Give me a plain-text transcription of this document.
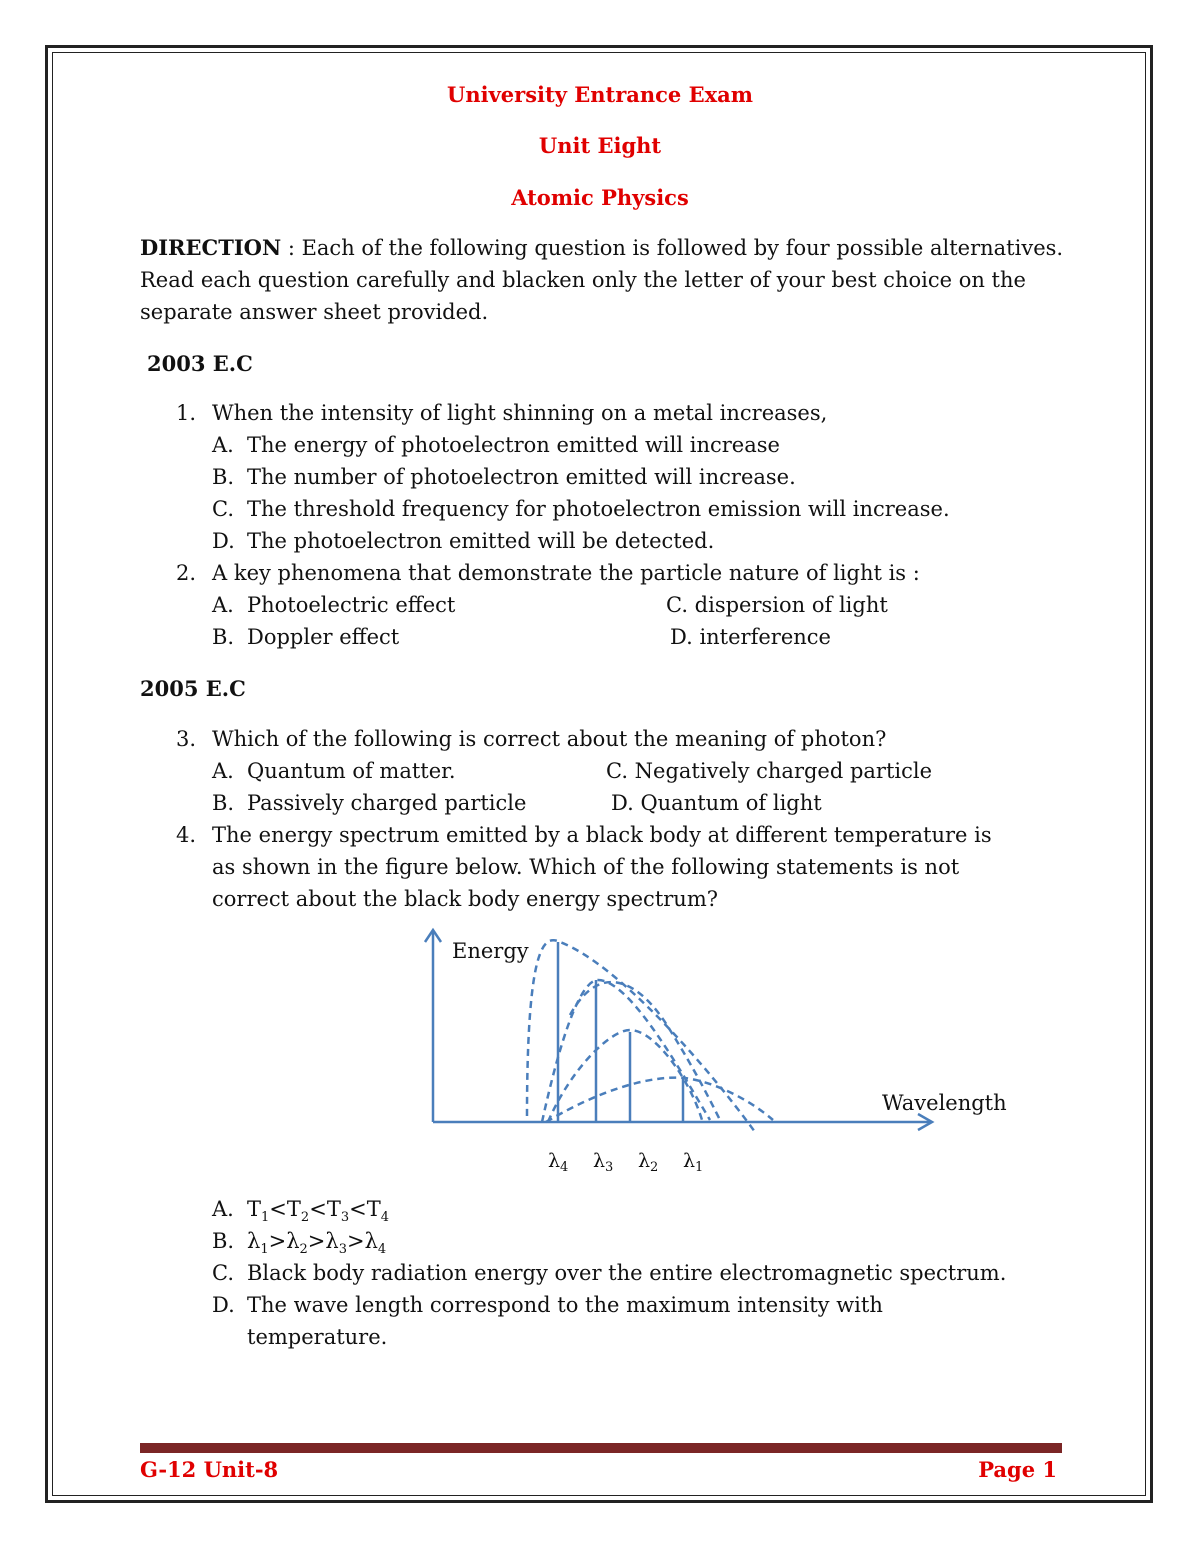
University Entrance Exam
Unit Eight
Atomic Physics
DIRECTION : Each of the following question is followed by four possible alternatives. Read each question carefully and blacken only the letter of your best choice on the separate answer sheet provided.
2003 E.C
1. When the intensity of light shinning on a metal increases,
A. The energy of photoelectron emitted will increase
B. The number of photoelectron emitted will increase.
C. The threshold frequency for photoelectron emission will increase.
D. The photoelectron emitted will be detected.
2. A key phenomena that demonstrate the particle nature of light is :
A. Photoelectric effect	C. dispersion of light
B. Doppler effect	D. interference
2005 E.C
3. Which of the following is correct about the meaning of photon?
A. Quantum of matter.	C. Negatively charged particle
B. Passively charged particle	D. Quantum of light
4. The energy spectrum emitted by a black body at different temperature is
as shown in the figure below. Which of the following statements is not
correct about the black body energy spectrum?
Energy
Wavelength
$\lambda_4$ $\lambda_3$ $\lambda_2$ $\lambda_1$
A. $T_1<T_2<T_3<T_4$
B. $\lambda_1>\lambda_2>\lambda_3>\lambda_4$
C. Black body radiation energy over the entire electromagnetic spectrum.
D. The wave length correspond to the maximum intensity with
temperature.
G-12 Unit-8	Page 1
